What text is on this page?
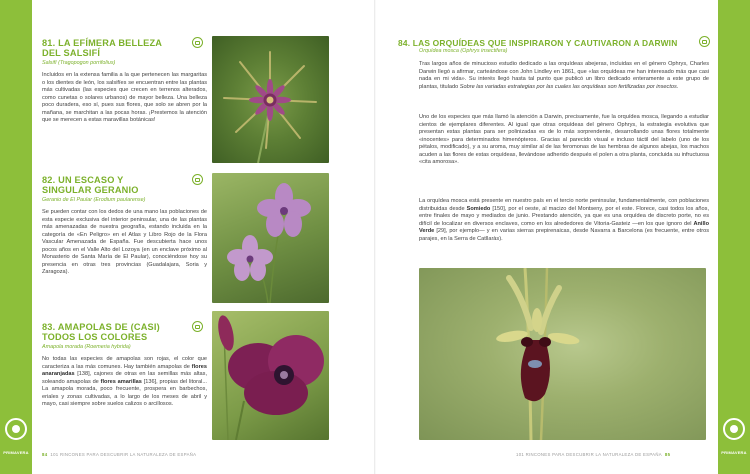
PRIMAVERA	PRIMAVERA
81. LA EFÍMERA BELLEZA
DEL SALSIFÍ
Salsifí (Tragopogon porrifolius)
Incluidos en la extensa familia a la que pertenecen las margaritas o los dientes de león, los salsifíes se encuentran entre las plantas más cultivadas (las especies que crecen en terrenos alterados, como cunetas o solares urbanos) de mayor belleza. Una belleza poco duradera, eso sí, pues sus flores, que solo se abren por la mañana, se marchitan a las pocas horas. ¡Prestemos la atención que se merecen a estas maravillas botánicas!
82. UN ESCASO Y
SINGULAR GERANIO
Geranio de El Paular (Erodium paularense)
Se pueden contar con los dedos de una mano las poblaciones de esta especie exclusiva del interior peninsular, una de las plantas más amenazadas de nuestra geografía, estando incluida en la categoría de «En Peligro» en el Atlas y Libro Rojo de la Flora Vascular Amenazada de España. Fue descubierta hace unos pocos años en el Valle Alto del Lozoya (en un enclave próximo al Monasterio de Santa María de El Paular), conociéndose hoy su presencia en otras tres provincias (Guadalajara, Soria y Zaragoza).
83. AMAPOLAS DE (CASI)
TODOS LOS COLORES
Amapola morada (Roemeria hybrida)
No todas las especies de amapolas son rojas, el color que caracteriza a las más comunes. Hay también amapolas de flores anaranjadas [138], cajones de otras en las semillas más altas, soleando amapolas de flores amarillas [136], propias del litoral... La amapola morada, poco frecuente, prospera en barbechos, eriales y zonas cultivadas, a lo largo de los meses de abril y mayo, casi siempre sobre suelos calizos o arcillosos.
84 101 RINCONES PARA DESCUBRIR LA NATURALEZA DE ESPAÑA
84. LAS ORQUÍDEAS QUE INSPIRARON Y CAUTIVARON A DARWIN
Orquídea mosca (Ophrys insectifera)
Tras largos años de minucioso estudio dedicado a las orquídeas abejeras, incluidas en el género Ophrys, Charles Darwin llegó a afirmar, carteándose con John Lindley en 1861, que «las orquídeas me han interesado más que casi nada en mi vida». Su interés llegó hasta tal punto que publicó un libro dedicado enteramente a este grupo de plantas, titulado Sobre las variadas estrategias por las cuales las orquídeas son fertilizadas por insectos.
Uno de los especies que más llamó la atención a Darwin, precisamente, fue la orquídea mosca, llegando a estudiar cientos de ejemplares diferentes. Al igual que otras orquídeas del género Ophrys, la estrategia evolutiva que presentan estas plantas para ser polinizadas es de lo más sorprendente, desarrollando unas flores totalmente «inocentes» para determinados himenópteros. Gracias al parecido visual e incluso táctil del labelo (uno de los pétalos, modificado), y a su aroma, muy similar al de las feromonas de las hembras de algunos abejas, los machos acuden a las flores de estas orquídeas, llevándose adherido después el polen a otra planta, concluida su infructuosa «cita amorosa».
La orquídea mosca está presente en nuestro país en el tercio norte peninsular, fundamentalmente, con poblaciones distribuidas desde Somiedo [150], por el oeste, al macizo del Montseny, por el este. Florece, casi todos los años, entre finales de mayo y mediados de junio. Prestando atención, ya que es una orquídea de discreto porte, no es difícil de localizar en diversos enclaves, como en los alrededores de Vitoria-Gasteiz —en los que ignoro del Anillo Verde [29], por ejemplo— y en varias sierras prepirenaicas, desde Navarra a Barcelona (es frecuente, entre otros parajes, en la Serra de Catllaràs).
101 RINCONES PARA DESCUBRIR LA NATURALEZA DE ESPAÑA 85
